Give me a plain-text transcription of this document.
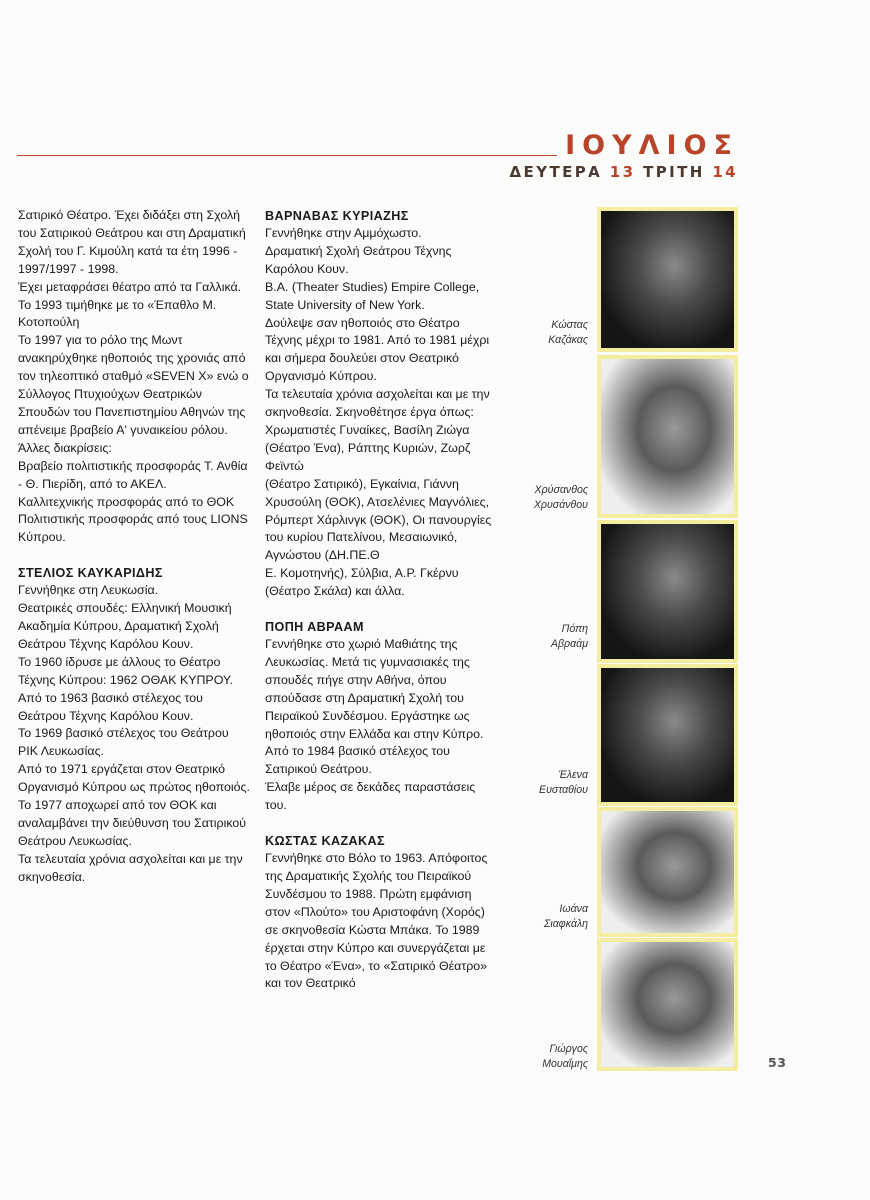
ΙΟΥΛΙΟΣ
ΔΕΥΤΕΡΑ 13 ΤΡΙΤΗ 14

Σατιρικό Θέατρο. Έχει διδάξει στη Σχολή του Σατιρικού Θεάτρου και στη Δραματική Σχολή του Γ. Κιμούλη κατά τα έτη 1996 - 1997/1997 - 1998.

Έχει μεταφράσει θέατρο από τα Γαλλικά.

Το 1993 τιμήθηκε με το «Έπαθλο Μ. Κοτοπούλη

Το 1997 για το ρόλο της Μωντ ανακηρύχθηκε ηθοποιός της χρονιάς από τον τηλεοπτικό σταθμό «SEVEN X» ενώ ο Σύλλογος Πτυχιούχων Θεατρικών Σπουδών του Πανεπιστημίου Αθηνών της απένειμε βραβείο Α' γυναικείου ρόλου.

Άλλες διακρίσεις:

Βραβείο πολιτιστικής προσφοράς Τ. Ανθία - Θ. Πιερίδη, από το ΑΚΕΛ.

Καλλιτεχνικής προσφοράς από το ΘΟΚ

Πολιτιστικής προσφοράς από τους LIONS Κύπρου.

ΣΤΕΛΙΟΣ ΚΑΥΚΑΡΙΔΗΣ

Γεννήθηκε στη Λευκωσία.

Θεατρικές σπουδές: Ελληνική Μουσική Ακαδημία Κύπρου, Δραματική Σχολή Θεάτρου Τέχνης Καρόλου Κουν.

Το 1960 ίδρυσε με άλλους το Θέατρο Τέχνης Κύπρου: 1962 ΟΘΑΚ ΚΥΠΡΟΥ.

Από το 1963 βασικό στέλεχος του Θεάτρου Τέχνης Καρόλου Κουν.

Το 1969 βασικό στέλεχος του Θεάτρου ΡΙΚ Λευκωσίας.

Από το 1971 εργάζεται στον Θεατρικό Οργανισμό Κύπρου ως πρώτος ηθοποιός.

Το 1977 αποχωρεί από τον ΘΟΚ και αναλαμβάνει την διεύθυνση του Σατιρικού Θεάτρου Λευκωσίας.

Τα τελευταία χρόνια ασχολείται και με την σκηνοθεσία.

ΒΑΡΝΑΒΑΣ ΚΥΡΙΑΖΗΣ

Γεννήθηκε στην Αμμόχωστο.

Δραματική Σχολή Θεάτρου Τέχνης Καρόλου Κουν.

B.A. (Theater Studies) Empire College, State University of New York.

Δούλεψε σαν ηθοποιός στο Θέατρο Τέχνης μέχρι το 1981. Από το 1981 μέχρι και σήμερα δουλεύει στον Θεατρικό Οργανισμό Κύπρου.

Τα τελευταία χρόνια ασχολείται και με την σκηνοθεσία. Σκηνοθέτησε έργα όπως: Χρωματιστές Γυναίκες, Βασίλη Ζιώγα (Θέατρο Ένα), Ράπτης Κυριών, Ζωρζ Φεϊντώ

(Θέατρο Σατιρικό), Εγκαίνια, Γιάννη Χρυσούλη (ΘΟΚ), Ατσελένιες Μαγνόλιες, Ρόμπερτ Χάρλινγκ (ΘΟΚ), Οι πανουργίες του κυρίου Πατελίνου, Μεσαιωνικό, Αγνώστου (ΔΗ.ΠΕ.Θ

Ε. Κομοτηνής), Σύλβια, Α.Ρ. Γκέρνυ (Θέατρο Σκάλα) και άλλα.

ΠΟΠΗ ΑΒΡΑΑΜ

Γεννήθηκε στο χωριό Μαθιάτης της Λευκωσίας. Μετά τις γυμνασιακές της σπουδές πήγε στην Αθήνα, όπου σπούδασε στη Δραματική Σχολή του Πειραϊκού Συνδέσμου. Εργάστηκε ως ηθοποιός στην Ελλάδα και στην Κύπρο.

Από το 1984 βασικό στέλεχος του Σατιρικού Θεάτρου.

Έλαβε μέρος σε δεκάδες παραστάσεις του.

ΚΩΣΤΑΣ ΚΑΖΑΚΑΣ

Γεννήθηκε στο Βόλο το 1963. Απόφοιτος της Δραματικής Σχολής του Πειραϊκού Συνδέσμου το 1988. Πρώτη εμφάνιση στον «Πλούτο» του Αριστοφάνη (Χορός) σε σκηνοθεσία Κώστα Μπάκα. Το 1989 έρχεται στην Κύπρο και συνεργάζεται με το Θέατρο «Ένα», το «Σατιρικό Θέατρο» και τον Θεατρικό

Κώστας
Καζάκας
Χρύσανθος
Χρυσάνθου
Πόπη
Αβραάμ
Έλενα
Ευσταθίου
Ιωάνα
Σιαφκάλη
Γιώργος
Μουαΐμης	53
